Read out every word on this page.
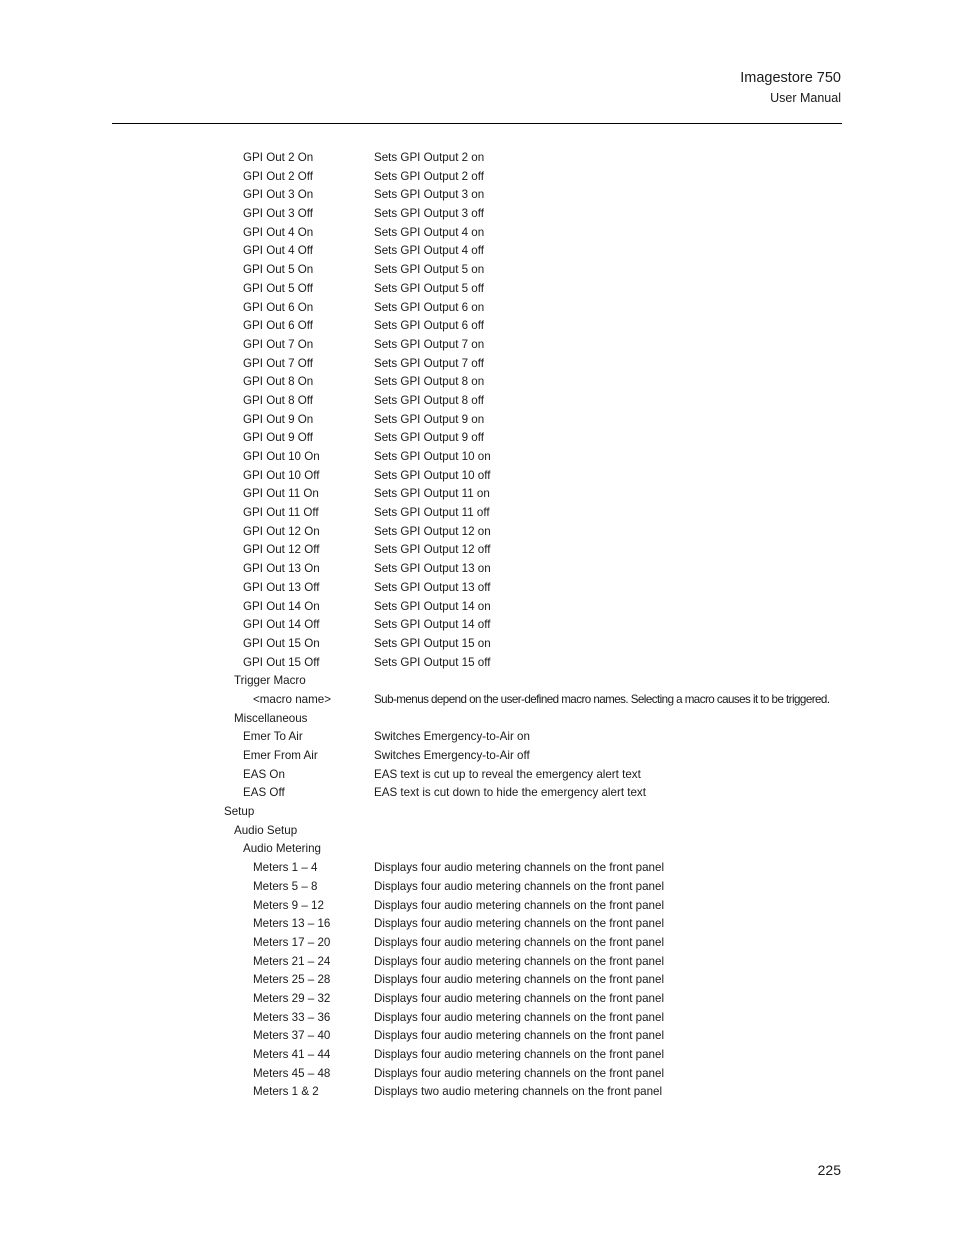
Imagestore 750
User Manual
GPI Out 2 On	Sets GPI Output 2 on
GPI Out 2 Off	Sets GPI Output 2 off
GPI Out 3 On	Sets GPI Output 3 on
GPI Out 3 Off	Sets GPI Output 3 off
GPI Out 4 On	Sets GPI Output 4 on
GPI Out 4 Off	Sets GPI Output 4 off
GPI Out 5 On	Sets GPI Output 5 on
GPI Out 5 Off	Sets GPI Output 5 off
GPI Out 6 On	Sets GPI Output 6 on
GPI Out 6 Off	Sets GPI Output 6 off
GPI Out 7 On	Sets GPI Output 7 on
GPI Out 7 Off	Sets GPI Output 7 off
GPI Out 8 On	Sets GPI Output 8 on
GPI Out 8 Off	Sets GPI Output 8 off
GPI Out 9 On	Sets GPI Output 9 on
GPI Out 9 Off	Sets GPI Output 9 off
GPI Out 10 On	Sets GPI Output 10 on
GPI Out 10 Off	Sets GPI Output 10 off
GPI Out 11 On	Sets GPI Output 11 on
GPI Out 11 Off	Sets GPI Output 11 off
GPI Out 12 On	Sets GPI Output 12 on
GPI Out 12 Off	Sets GPI Output 12 off
GPI Out 13 On	Sets GPI Output 13 on
GPI Out 13 Off	Sets GPI Output 13 off
GPI Out 14 On	Sets GPI Output 14 on
GPI Out 14 Off	Sets GPI Output 14 off
GPI Out 15 On	Sets GPI Output 15 on
GPI Out 15 Off	Sets GPI Output 15 off
Trigger Macro
<macro name>	Sub-menus depend on the user-defined macro names. Selecting a macro causes it to be triggered.
Miscellaneous
Emer To Air	Switches Emergency-to-Air on
Emer From Air	Switches Emergency-to-Air off
EAS On	EAS text is cut up to reveal the emergency alert text
EAS Off	EAS text is cut down to hide the emergency alert text
Setup
Audio Setup
Audio Metering
Meters 1 – 4	Displays four audio metering channels on the front panel
Meters 5 – 8	Displays four audio metering channels on the front panel
Meters 9 – 12	Displays four audio metering channels on the front panel
Meters 13 – 16	Displays four audio metering channels on the front panel
Meters 17 – 20	Displays four audio metering channels on the front panel
Meters 21 – 24	Displays four audio metering channels on the front panel
Meters 25 – 28	Displays four audio metering channels on the front panel
Meters 29 – 32	Displays four audio metering channels on the front panel
Meters 33 – 36	Displays four audio metering channels on the front panel
Meters 37 – 40	Displays four audio metering channels on the front panel
Meters 41 – 44	Displays four audio metering channels on the front panel
Meters 45 – 48	Displays four audio metering channels on the front panel
Meters 1 & 2	Displays two audio metering channels on the front panel
225
